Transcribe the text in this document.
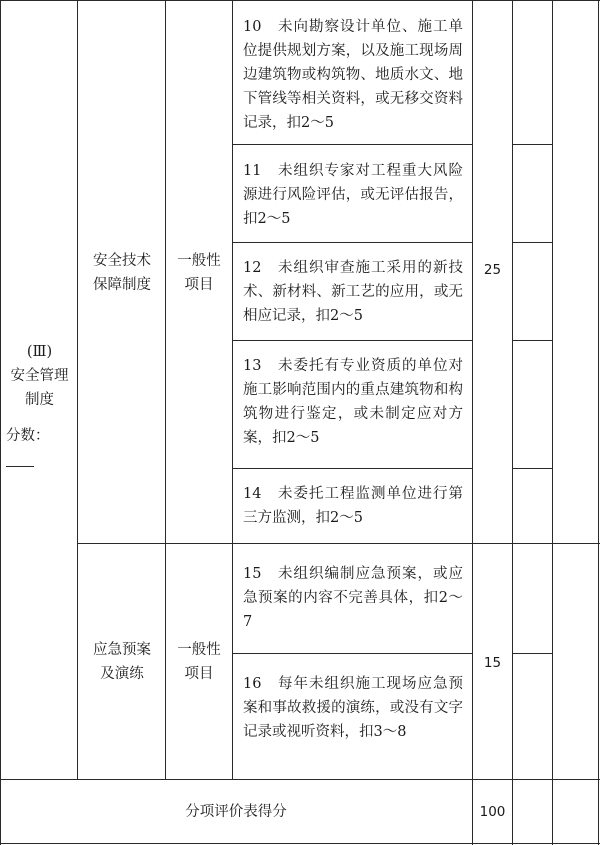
(Ⅲ)
安全管理
制度
分数：
安全技术
保障制度
一般性
项目
25
10　未向勘察设计单位、施工单位提供规划方案，以及施工现场周边建筑物或构筑物、地质水文、地下管线等相关资料，或无移交资料记录，扣2～5
11　未组织专家对工程重大风险源进行风险评估，或无评估报告，扣2～5
12　未组织审查施工采用的新技术、新材料、新工艺的应用，或无相应记录，扣2～5
13　未委托有专业资质的单位对施工影响范围内的重点建筑物和构筑物进行鉴定，或未制定应对方案，扣2～5
14　未委托工程监测单位进行第三方监测，扣2～5
应急预案
及演练
一般性
项目
15
15　未组织编制应急预案，或应急预案的内容不完善具体，扣2～7
16　每年未组织施工现场应急预案和事故救援的演练，或没有文字记录或视听资料，扣3～8
分项评价表得分	100
